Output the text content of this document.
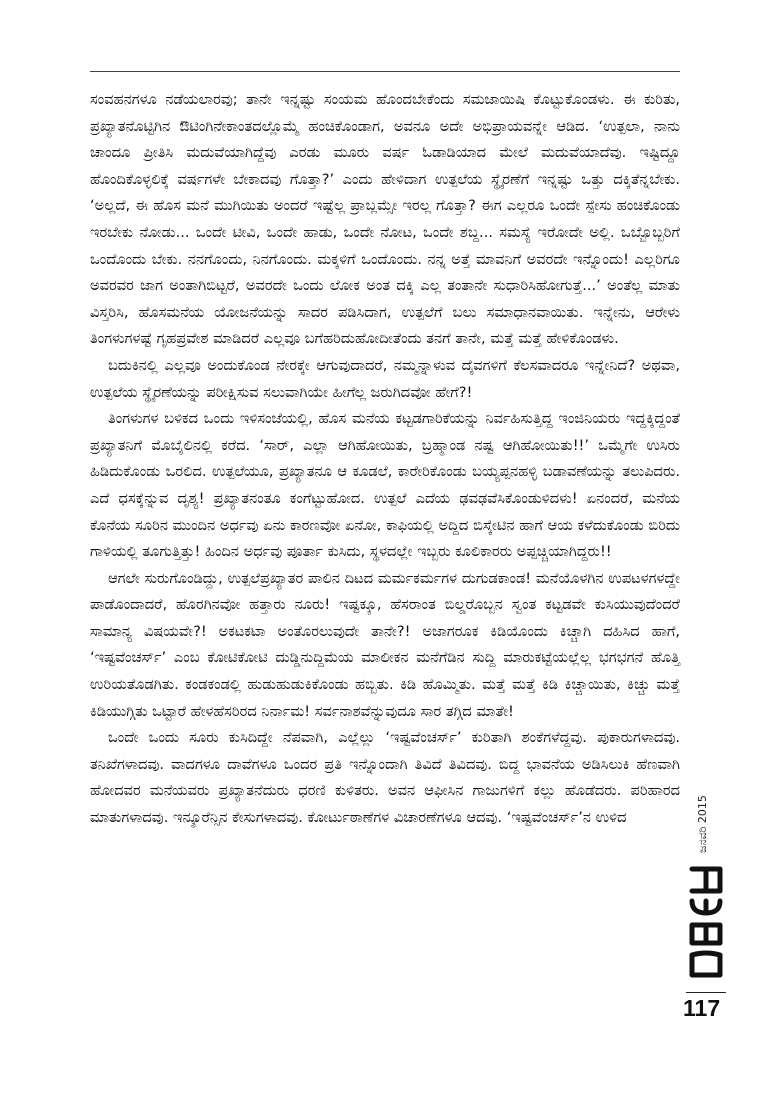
ಸಂವಹನಗಳೂ ನಡೆಯಲಾರವು; ತಾನೇ ಇನ್ನಷ್ಟು ಸಂಯಮ ಹೊಂದಬೇಕೆಂದು ಸಮಜಾಯಿಷಿ ಕೊಟ್ಟುಕೊಂಡಳು. ಈ ಕುರಿತು, ಪ್ರಖ್ಯಾತನೊಟ್ಟಿಗಿನ ಔಟಿಂಗಿನೇಕಾಂತದಲ್ಲೊಮ್ಮೆ ಹಂಚಿಕೊಂಡಾಗ, ಅವನೂ ಅದೇ ಅಭಿಪ್ರಾಯವನ್ನೇ ಆಡಿದ. ‘ಉತ್ಪಲಾ, ನಾನು ಚಾಂದೂ ಪ್ರೀತಿಸಿ ಮದುವೆಯಾಗಿದ್ದೆವು ಎರಡು ಮೂರು ವರ್ಷ ಓಡಾಡಿಯಾದ ಮೇಲೆ ಮದುವೆಯಾದೆವು. ಇಷ್ಟಿದ್ದೂ ಹೊಂದಿಕೊಳ್ಳಲಿಕ್ಕೆ ವರ್ಷಗಳೇ ಬೇಕಾದವು ಗೊತ್ತಾ?’ ಎಂದು ಹೇಳಿದಾಗ ಉತ್ಪಲೆಯ ಸ್ಥೈರಣೆಗೆ ಇನ್ನಷ್ಟು ಒತ್ತು ದಕ್ಕಿತೆನ್ನಬೇಕು. ‘ಅಲ್ಲದೆ, ಈ ಹೊಸ ಮನೆ ಮುಗಿಯಿತು ಅಂದರೆ ಇಷ್ಟೆಲ್ಲ ಪ್ರಾಬ್ಲಮ್ಸೇ ಇರಲ್ಲ ಗೊತ್ತಾ? ಈಗ ಎಲ್ಲರೂ ಒಂದೇ ಸ್ಪೇಸು ಹಂಚಿಕೊಂಡು ಇರಬೇಕು ನೋಡು... ಒಂದೇ ಟೀವಿ, ಒಂದೇ ಹಾಡು, ಒಂದೇ ನೋಟ, ಒಂದೇ ಶಬ್ದ... ಸಮಸ್ಯೆ ಇರೋದೇ ಅಲ್ಲಿ. ಒಬ್ಬೊಬ್ಬರಿಗೆ ಒಂದೊಂದು ಬೇಕು. ನನಗೊಂದು, ನಿನಗೊಂದು. ಮಕ್ಕಳಿಗೆ ಒಂದೊಂದು. ನನ್ನ ಅತ್ತೆ ಮಾವನಿಗೆ ಅವರದೇ ಇನ್ನೊಂದು! ಎಲ್ಲರಿಗೂ ಅವರವರ ಜಾಗ ಅಂತಾಗಿಬಿಟ್ಟರೆ, ಅವರದೇ ಒಂದು ಲೋಕ ಅಂತ ದಕ್ಕಿ ಎಲ್ಲ ತಂತಾನೇ ಸುಧಾರಿಸಿಹೋಗುತ್ತೆ...’ ಅಂತೆಲ್ಲ ಮಾತು ವಿಸ್ತರಿಸಿ, ಹೊಸಮನೆಯ ಯೋಜನೆಯನ್ನು ಸಾದರ ಪಡಿಸಿದಾಗ, ಉತ್ಪಲೆಗೆ ಬಲು ಸಮಾಧಾನವಾಯಿತು. ಇನ್ನೇನು, ಆರೇಳು ತಿಂಗಳುಗಳಷ್ಟೆ ಗೃಹಪ್ರವೇಶ ಮಾಡಿದರೆ ಎಲ್ಲವೂ ಬಗೆಹರಿದುಹೋದೀತೆಂದು ತನಗೆ ತಾನೇ, ಮತ್ತೆ ಮತ್ತೆ ಹೇಳಿಕೊಂಡಳು.

ಬದುಕಿನಲ್ಲಿ ಎಲ್ಲವೂ ಅಂದುಕೊಂಡ ನೇರಕ್ಕೇ ಆಗುವುದಾದರೆ, ನಮ್ಮನ್ನಾಳುವ ದೈವಗಳಿಗೆ ಕೆಲಸವಾದರೂ ಇನ್ನೇನಿದೆ? ಅಥವಾ, ಉತ್ಪಲೆಯ ಸ್ಥೈರಣೆಯನ್ನು ಪರೀಕ್ಷಿಸುವ ಸಲುವಾಗಿಯೇ ಹೀಗೆಲ್ಲ ಜರುಗಿದವೋ ಹೇಗೆ?!

ತಿಂಗಳುಗಳ ಬಳಿಕದ ಒಂದು ಇಳಿಸಂಜೆಯಲ್ಲಿ, ಹೊಸ ಮನೆಯ ಕಟ್ಟಡಗಾರಿಕೆಯನ್ನು ನಿರ್ವಹಿಸುತ್ತಿದ್ದ ಇಂಜಿನಿಯರು ಇದ್ದಕ್ಕಿದ್ದಂತೆ ಪ್ರಖ್ಯಾತನಿಗೆ ಮೊಬೈಲಿನಲ್ಲಿ ಕರೆದ. ‘ಸಾರ್, ಎಲ್ಲಾ ಆಗಿಹೋಯಿತು, ಬ್ರಹ್ಮಾಂಡ ನಷ್ಟ ಆಗಿಹೋಯಿತು!!’ ಒಮ್ಮೆಗೇ ಉಸಿರು ಹಿಡಿದುಕೊಂಡು ಒರಲಿದ. ಉತ್ಪಲೆಯೂ, ಪ್ರಖ್ಯಾತನೂ ಆ ಕೂಡಲೆ, ಕಾರೇರಿಕೊಂಡು ಬಯ್ಯಪ್ಪನಹಳ್ಳಿ ಬಡಾವಣೆಯನ್ನು ತಲುಪಿದರು. ಎದೆ ಧಸಕ್ಕೆನ್ನುವ ದೃಶ್ಯ! ಪ್ರಖ್ಯಾತನಂತೂ ಕಂಗೆಟ್ಟುಹೋದ. ಉತ್ಪಲೆ ಎದೆಯ ಢವಢವೆಸಿಕೊಂಡುಳಿದಳು! ಏನಂದರೆ, ಮನೆಯ ಕೊನೆಯ ಸೂರಿನ ಮುಂದಿನ ಅರ್ಧವು ಏನು ಕಾರಣವೋ ಏನೋ, ಕಾಫಿಯಲ್ಲಿ ಅದ್ದಿದ ಬಿಸ್ಕೇಟಿನ ಹಾಗೆ ಆಯ ಕಳೆದುಕೊಂಡು ಬಿರಿದು ಗಾಳಿಯಲ್ಲಿ ತೂಗುತ್ತಿತ್ತು! ಹಿಂದಿನ ಅರ್ಧವು ಪೂರ್ತಾ ಕುಸಿದು, ಸ್ಥಳದಲ್ಲೇ ಇಬ್ಬರು ಕೂಲಿಕಾರರು ಅಪ್ಪಚ್ಚಿಯಾಗಿದ್ದರು!!

ಆಗಲೇ ಸುರುಗೊಂಡಿದ್ದು, ಉತ್ಪಲೆಪ್ರಖ್ಯಾತರ ಪಾಲಿನ ದಿಟದ ಮರ್ಮಕರ್ಮಗಳ ದುಗುಡಕಾಂಡ! ಮನೆಯೊಳಗಿನ ಉಪಟಳಗಳದ್ದೇ ಪಾಡೊಂದಾದರೆ, ಹೊರಗಿನವೋ ಹತ್ತಾರು ನೂರು! ಇಷ್ಟಕ್ಕೂ, ಹೆಸರಾಂತ ಬಿಲ್ಡರೊಬ್ಬನ ಸ್ವಂತ ಕಟ್ಟಡವೇ ಕುಸಿಯುವುದೆಂದರೆ ಸಾಮಾನ್ಯ ವಿಷಯವೇ?! ಅಕಟಕಟಾ ಅಂತೊರಲುವುದೇ ತಾನೇ?! ಅಜಾಗರೂಕ ಕಿಡಿಯೊಂದು ಕಿಚ್ಚಾಗಿ ದಹಿಸಿದ ಹಾಗೆ, ‘ಇಷ್ಟವೆಂಚರ್ಸ್’ ಎಂಬ ಕೋಟಿಕೋಟಿ ದುಡ್ಡಿನುದ್ದಿಮೆಯ ಮಾಲೀಕನ ಮನೆಗೆಡಿನ ಸುದ್ದಿ ಮಾರುಕಟ್ಟೆಯಲ್ಲೆಲ್ಲ ಭಗಭಗನೆ ಹೊತ್ತಿ ಉರಿಯತೊಡಗಿತು. ಕಂಡಕಂಡಲ್ಲಿ ಹುಡುಹುಡುಕಿಕೊಂಡು ಹಬ್ಬಿತು. ಕಿಡಿ ಹೊಮ್ಮಿತು. ಮತ್ತೆ ಮತ್ತೆ ಕಿಡಿ ಕಿಚ್ಚಾಯಿತು, ಕಿಚ್ಚು ಮತ್ತೆ ಕಿಡಿಯುಗ್ಗಿತು ಒಟ್ಟಾರೆ ಹೇಳಹೆಸರಿರದ ನಿರ್ನಾಮ! ಸರ್ವನಾಶವೆನ್ನುವುದೂ ಸಾರ ತಗ್ಗಿದ ಮಾತೇ!

ಒಂದೇ ಒಂದು ಸೂರು ಕುಸಿದಿದ್ದೇ ನೆಪವಾಗಿ, ಎಲ್ಲೆಲ್ಲು ‘ಇಷ್ಟವೆಂಚರ್ಸ್’ ಕುರಿತಾಗಿ ಶಂಕೆಗಳೆದ್ದವು. ಪುಕಾರುಗಳಾದವು. ತನಿಖೆಗಳಾದವು. ವಾದಗಳೂ ದಾವೆಗಳೂ ಒಂದರ ಪ್ರತಿ ಇನ್ನೊಂದಾಗಿ ತಿವಿದೆ ತಿವಿದವು. ಬಿದ್ದ ಭಾವನೆಯ ಅಡಿಸಿಲುಕಿ ಹೆಣವಾಗಿ ಹೋದವರ ಮನೆಯವರು ಪ್ರಖ್ಯಾತನೆದುರು ಧರಣಿ ಕುಳಿತರು. ಅವನ ಆಫೀಸಿನ ಗಾಜುಗಳಿಗೆ ಕಲ್ಲು ಹೊಡೆದರು. ಪರಿಹಾರದ ಮಾತುಗಳಾದವು. ಇನ್ಶೂರೆನ್ಸಿನ ಕೇಸುಗಳಾದವು. ಕೋರ್ಟುಠಾಣೆಗಳ ವಿಚಾರಣೆಗಳೂ ಆದವು. ‘ಇಷ್ಟವೆಂಚರ್ಸ್’ನ ಉಳಿದ	ಜನವರಿ 2015
117
